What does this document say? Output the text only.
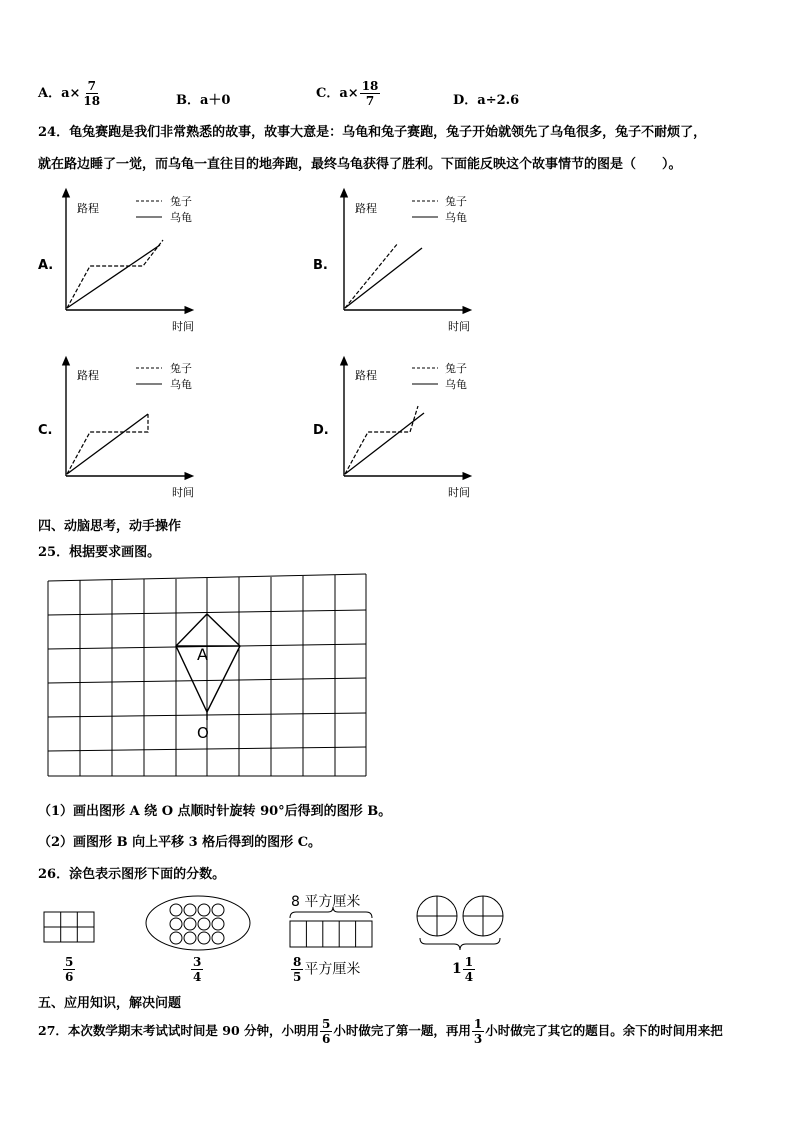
A．$a\times \frac{7}{18}$	B．a＋0	C．$a\times \frac{18}{7}$	D．a÷2.6
24．龟兔赛跑是我们非常熟悉的故事，故事大意是：乌龟和兔子赛跑，兔子开始就领先了乌龟很多，兔子不耐烦了，
就在路边睡了一觉，而乌龟一直往目的地奔跑，最终乌龟获得了胜利。下面能反映这个故事情节的图是（　　）。
A.
路程
时间
兔子
乌龟
B.
路程
时间
兔子
乌龟
C.
路程
时间
兔子
乌龟
D.
路程
时间
兔子
乌龟
四、动脑思考，动手操作
25．根据要求画图。
A
O
（1）画出图形 A 绕 O 点顺时针旋转 90°后得到的图形 B。
（2）画图形 B 向上平移 3 格后得到的图形 C。
26．涂色表示图形下面的分数。
8 平方厘米
$\frac{5}{6}$	$\frac{3}{4}$	$\frac{8}{5}$ 平方厘米	$1 \frac{1}{4}$
五、应用知识，解决问题
27．本次数学期末考试试时间是 90 分钟，小明用 $\frac{5}{6}$ 小时做完了第一题，再用 $\frac{1}{3}$ 小时做完了其它的题目。余下的时间用来把
